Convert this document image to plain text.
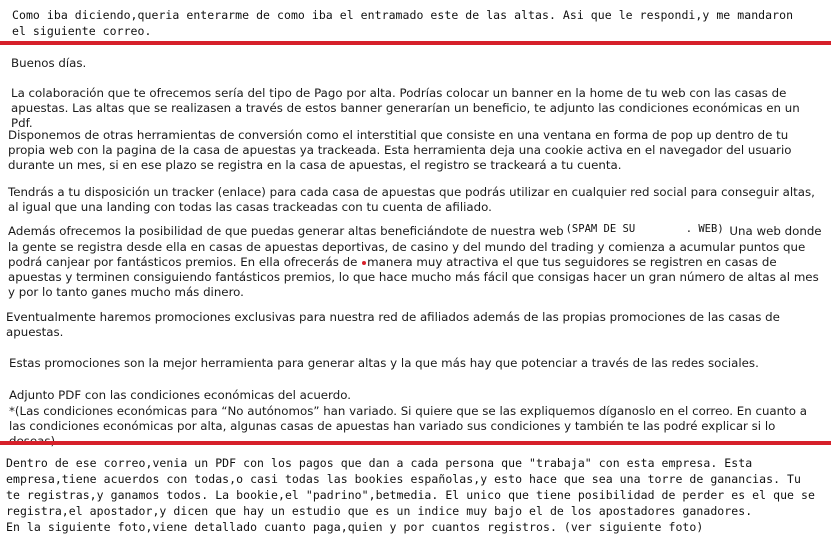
Como iba diciendo,queria enterarme de como iba el entramado este de las altas. Asi que le respondi,y me mandaron
el siguiente correo.

Buenos días.

La colaboración que te ofrecemos sería del tipo de Pago por alta. Podrías colocar un banner en la home de tu web con las casas de apuestas. Las altas que se realizasen a través de estos banner generarían un beneficio, te adjunto las condiciones económicas en un Pdf.

Disponemos de otras herramientas de conversión como el interstitial que consiste en una ventana en forma de pop up dentro de tu propia web con la pagina de la casa de apuestas ya trackeada. Esta herramienta deja una cookie activa en el navegador del usuario durante un mes, si en ese plazo se registra en la casa de apuestas, el registro se trackeará a tu cuenta.

Tendrás a tu disposición un tracker (enlace) para cada casa de apuestas que podrás utilizar en cualquier red social para conseguir altas, al igual que una landing con todas las casas trackeadas con tu cuenta de afiliado.

Además ofrecemos la posibilidad de que puedas generar altas beneficiándote de nuestra web (SPAM DE SU        . WEB) Una web donde la gente se registra desde ella en casas de apuestas deportivas, de casino y del mundo del trading y comienza a acumular puntos que podrá canjear por fantásticos premios. En ella ofrecerás de manera muy atractiva el que tus seguidores se registren en casas de apuestas y terminen consiguiendo fantásticos premios, lo que hace mucho más fácil que consigas hacer un gran número de altas al mes y por lo tanto ganes mucho más dinero.

Eventualmente haremos promociones exclusivas para nuestra red de afiliados además de las propias promociones de las casas de apuestas.

Estas promociones son la mejor herramienta para generar altas y la que más hay que potenciar a través de las redes sociales.

Adjunto PDF con las condiciones económicas del acuerdo.

*(Las condiciones económicas para “No autónomos” han variado. Si quiere que se las expliquemos díganoslo en el correo. En cuanto a las condiciones económicas por alta, algunas casas de apuestas han variado sus condiciones y también te las podré explicar si lo

Dentro de ese correo,venia un PDF con los pagos que dan a cada persona que "trabaja" con esta empresa. Esta
empresa,tiene acuerdos con todas,o casi todas las bookies españolas,y esto hace que sea una torre de ganancias. Tu
te registras,y ganamos todos. La bookie,el "padrino",betmedia. El unico que tiene posibilidad de perder es el que se
registra,el apostador,y dicen que hay un estudio que es un indice muy bajo el de los apostadores ganadores.
En la siguiente foto,viene detallado cuanto paga,quien y por cuantos registros. (ver siguiente foto)
